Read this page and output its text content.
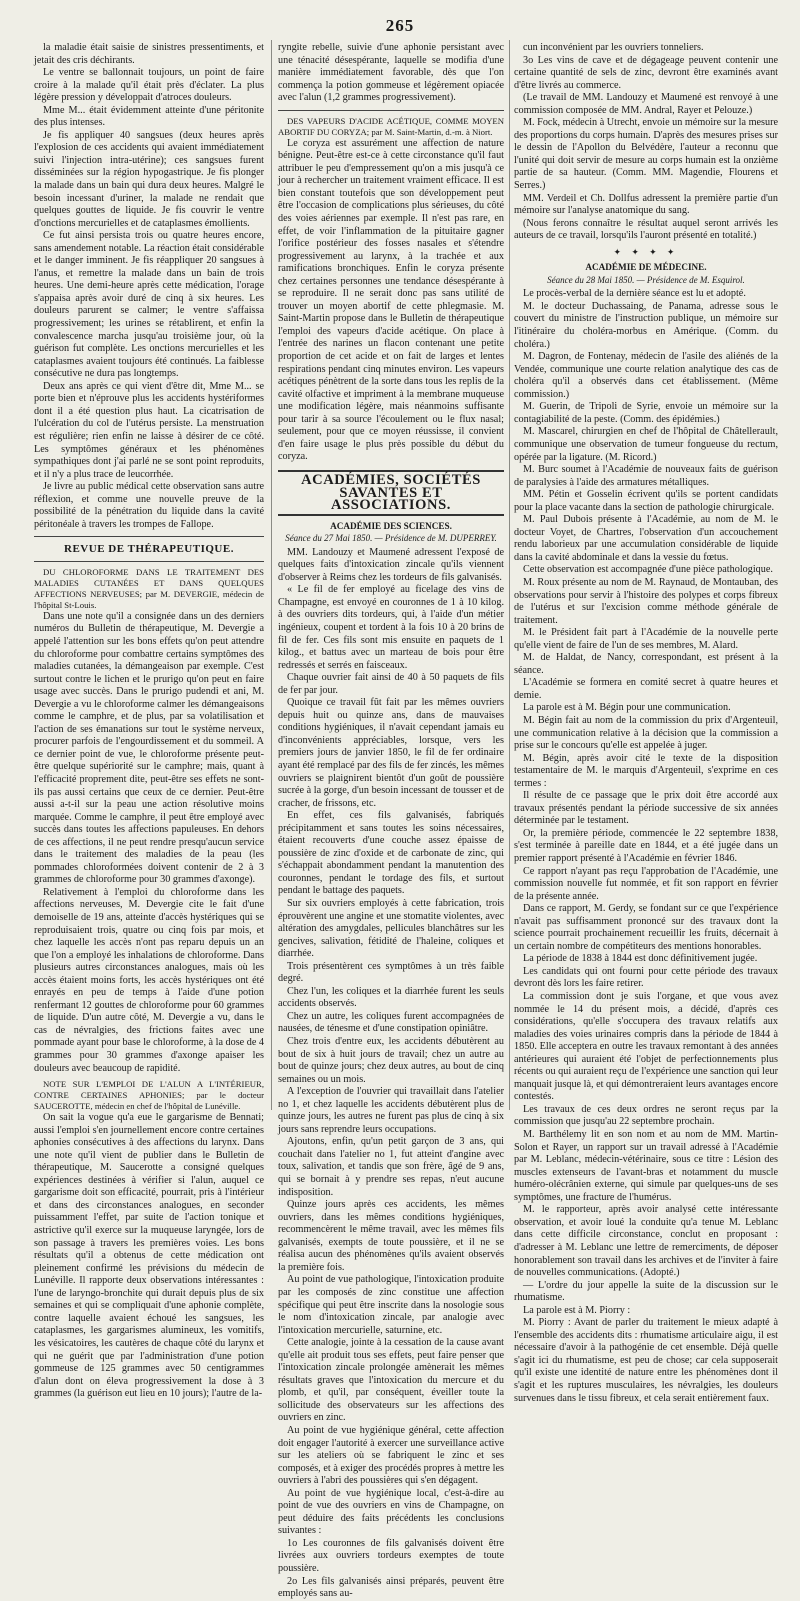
265

la maladie était saisie de sinistres pressentiments, et jetait des cris déchirants.

Le ventre se ballonnait toujours, un point de faire croire à la malade qu'il était près d'éclater. La plus légère pression y développait d'atroces douleurs.

Mme M... était évidemment atteinte d'une péritonite des plus intenses.

Je fis appliquer 40 sangsues (deux heures après l'explosion de ces accidents qui avaient immédiatement suivi l'injection intra-utérine); ces sangsues furent disséminées sur la région hypogastrique. Je fis plonger la malade dans un bain qui dura deux heures. Malgré le besoin incessant d'uriner, la malade ne rendait que quelques gouttes de liquide. Je fis couvrir le ventre d'onctions mercurielles et de cataplasmes émollients.

Ce fut ainsi persista trois ou quatre heures encore, sans amendement notable. La réaction était considérable et le danger imminent. Je fis réappliquer 20 sangsues à l'anus, et remettre la malade dans un bain de trois heures. Une demi-heure après cette médication, l'orage s'appaisa après avoir duré de cinq à six heures. Les douleurs parurent se calmer; le ventre s'affaissa progressivement; les urines se rétablirent, et enfin la convalescence marcha jusqu'au troisième jour, où la guérison fut complète. Les onctions mercurielles et les cataplasmes avaient toujours été continués. La faiblesse consécutive ne dura pas longtemps.

Deux ans après ce qui vient d'être dit, Mme M... se porte bien et n'éprouve plus les accidents hystériformes dont il a été question plus haut. La cicatrisation de l'ulcération du col de l'utérus persiste. La menstruation est régulière; rien enfin ne laisse à désirer de ce côté. Les symptômes généraux et les phénomènes sympathiques dont j'ai parlé ne se sont point reproduits, et il n'y a plus trace de leucorrhée.

Je livre au public médical cette observation sans autre réflexion, et comme une nouvelle preuve de la possibilité de la pénétration du liquide dans la cavité péritonéale à travers les trompes de Fallope.

REVUE DE THÉRAPEUTIQUE.

DU CHLOROFORME DANS LE TRAITEMENT DES MALADIES CUTANÉES ET DANS QUELQUES AFFECTIONS NERVEUSES; par M. DEVERGIE, médecin de l'hôpital St-Louis.

Dans une note qu'il a consignée dans un des derniers numéros du Bulletin de thérapeutique, M. Devergie a appelé l'attention sur les bons effets qu'on peut attendre du chloroforme pour combattre certains symptômes des maladies cutanées, la démangeaison par exemple. C'est surtout contre le lichen et le prurigo qu'on peut en faire usage avec succès. Dans le prurigo pudendi et ani, M. Devergie a vu le chloroforme calmer les démangeaisons comme le camphre, et de plus, par sa volatilisation et l'action de ses émanations sur tout le système nerveux, procurer parfois de l'engourdissement et du sommeil. A ce dernier point de vue, le chloroforme présente peut-être quelque supériorité sur le camphre; mais, quant à l'efficacité proprement dite, peut-être ses effets ne sont-ils pas aussi certains que ceux de ce dernier. Peut-être aussi a-t-il sur la peau une action résolutive moins marquée. Comme le camphre, il peut être employé avec succès dans toutes les affections papuleuses. En dehors de ces affections, il ne peut rendre presqu'aucun service dans le traitement des maladies de la peau (les pommades chloroformées doivent contenir de 2 à 3 grammes de chloroforme pour 30 grammes d'axonge).

Relativement à l'emploi du chloroforme dans les affections nerveuses, M. Devergie cite le fait d'une demoiselle de 19 ans, atteinte d'accès hystériques qui se reproduisaient trois, quatre ou cinq fois par mois, et chez laquelle les accès n'ont pas reparu depuis un an que l'on a employé les inhalations de chloroforme. Dans plusieurs autres circonstances analogues, mais où les accès étaient moins forts, les accès hystériques ont été enrayés en peu de temps à l'aide d'une potion renfermant 12 gouttes de chloroforme pour 60 grammes de liquide. D'un autre côté, M. Devergie a vu, dans le cas de névralgies, des frictions faites avec une pommade ayant pour base le chloroforme, à la dose de 4 grammes pour 30 grammes d'axonge apaiser les douleurs avec beaucoup de rapidité.

NOTE SUR L'EMPLOI DE L'ALUN A L'INTÉRIEUR, CONTRE CERTAINES APHONIES; par le docteur SAUCEROTTE, médecin en chef de l'hôpital de Lunéville.

On sait la vogue qu'a eue le gargarisme de Bennati; aussi l'emploi s'en journellement encore contre certaines aphonies consécutives à des affections du larynx. Dans une note qu'il vient de publier dans le Bulletin de thérapeutique, M. Saucerotte a consigné quelques expériences destinées à vérifier si l'alun, auquel ce gargarisme doit son efficacité, pourrait, pris à l'intérieur et dans des circonstances analogues, en seconder puissamment l'effet, par suite de l'action tonique et astrictive qu'il exerce sur la muqueuse laryngée, lors de son passage à travers les premières voies. Les bons résultats qu'il a obtenus de cette médication ont pleinement confirmé les prévisions du médecin de Lunéville. Il rapporte deux observations intéressantes : l'une de laryngo-bronchite qui durait depuis plus de six semaines et qui se compliquait d'une aphonie complète, contre laquelle avaient échoué les sangsues, les cataplasmes, les gargarismes alumineux, les vomitifs, les vésicatoires, les cautères de chaque côté du larynx et qui ne guérit que par l'administration d'une potion gommeuse de 125 grammes avec 50 centigrammes d'alun dont on éleva progressivement la dose à 3 grammes (la guérison eut lieu en 10 jours); l'autre de la-

ryngite rebelle, suivie d'une aphonie persistant avec une ténacité désespérante, laquelle se modifia d'une manière immédiatement favorable, dès que l'on commença la potion gommeuse et légèrement opiacée avec l'alun (1,2 grammes progressivement).

DES VAPEURS D'ACIDE ACÉTIQUE, COMME MOYEN ABORTIF DU CORYZA; par M. Saint-Martin, d.-m. à Niort.

Le coryza est assurément une affection de nature bénigne. Peut-être est-ce à cette circonstance qu'il faut attribuer le peu d'empressement qu'on a mis jusqu'à ce jour à rechercher un traitement vraiment efficace. Il est bien constant toutefois que son développement peut être l'occasion de complications plus sérieuses, du côté des voies aériennes par exemple. Il n'est pas rare, en effet, de voir l'inflammation de la pituitaire gagner l'orifice postérieur des fosses nasales et s'étendre progressivement au larynx, à la trachée et aux ramifications bronchiques. Enfin le coryza présente chez certaines personnes une tendance désespérante à se reproduire. Il ne serait donc pas sans utilité de trouver un moyen abortif de cette phlegmasie. M. Saint-Martin propose dans le Bulletin de thérapeutique l'emploi des vapeurs d'acide acétique. On place à l'entrée des narines un flacon contenant une petite proportion de cet acide et on fait de larges et lentes respirations pendant cinq minutes environ. Les vapeurs acétiques pénètrent de la sorte dans tous les replis de la cavité olfactive et impriment à la membrane muqueuse une modification légère, mais néanmoins suffisante pour tarir à sa source l'écoulement ou le flux nasal; seulement, pour que ce moyen réussisse, il convient d'en faire usage le plus près possible du début du coryza.

ACADÉMIES, SOCIÉTÉS SAVANTES ET ASSOCIATIONS.
ACADÉMIE DES SCIENCES.
Séance du 27 Mai 1850. — Présidence de M. DUPERREY.

MM. Landouzy et Maumené adressent l'exposé de quelques faits d'intoxication zincale qu'ils viennent d'observer à Reims chez les tordeurs de fils galvanisés.

« Le fil de fer employé au ficelage des vins de Champagne, est envoyé en couronnes de 1 à 10 kilog. à des ouvriers dits tordeurs, qui, à l'aide d'un métier ingénieux, coupent et tordent à la fois 10 à 20 brins de fil de fer. Ces fils sont mis ensuite en paquets de 1 kilog., et battus avec un marteau de bois pour être redressés et serrés en faisceaux.

Chaque ouvrier fait ainsi de 40 à 50 paquets de fils de fer par jour.

Quoique ce travail fût fait par les mêmes ouvriers depuis huit ou quinze ans, dans de mauvaises conditions hygiéniques, il n'avait cependant jamais eu d'inconvénients appréciables, lorsque, vers les premiers jours de janvier 1850, le fil de fer ordinaire ayant été remplacé par des fils de fer zincés, les mêmes ouvriers se plaignirent bientôt d'un goût de poussière sucrée à la gorge, d'un besoin incessant de tousser et de cracher, de frissons, etc.

En effet, ces fils galvanisés, fabriqués précipitamment et sans toutes les soins nécessaires, étaient recouverts d'une couche assez épaisse de poussière de zinc d'oxide et de carbonate de zinc, qui s'échappait abondamment pendant la manutention des couronnes, pendant le tordage des fils, et surtout pendant le battage des paquets.

Sur six ouvriers employés à cette fabrication, trois éprouvèrent une angine et une stomatite violentes, avec altération des amygdales, pellicules blanchâtres sur les gencives, salivation, fétidité de l'haleine, coliques et diarrhée.

Trois présentèrent ces symptômes à un très faible degré.

Chez l'un, les coliques et la diarrhée furent les seuls accidents observés.

Chez un autre, les coliques furent accompagnées de nausées, de ténesme et d'une constipation opiniâtre.

Chez trois d'entre eux, les accidents débutèrent au bout de six à huit jours de travail; chez un autre au bout de quinze jours; chez deux autres, au bout de cinq semaines ou un mois.

A l'exception de l'ouvrier qui travaillait dans l'atelier no 1, et chez laquelle les accidents débutèrent plus de quinze jours, les autres ne furent pas plus de cinq à six jours sans reprendre leurs occupations.

Ajoutons, enfin, qu'un petit garçon de 3 ans, qui couchait dans l'atelier no 1, fut atteint d'angine avec toux, salivation, et tandis que son frère, âgé de 9 ans, qui se bornait à y prendre ses repas, n'eut aucune indisposition.

Quinze jours après ces accidents, les mêmes ouvriers, dans les mêmes conditions hygiéniques, recommencèrent le même travail, avec les mêmes fils galvanisés, exempts de toute poussière, et il ne se réalisa aucun des phénomènes qu'ils avaient observés la première fois.

Au point de vue pathologique, l'intoxication produite par les composés de zinc constitue une affection spécifique qui peut être inscrite dans la nosologie sous le nom d'intoxication zincale, par analogie avec l'intoxication mercurielle, saturnine, etc.

Cette analogie, jointe à la cessation de la cause avant qu'elle ait produit tous ses effets, peut faire penser que l'intoxication zincale prolongée amènerait les mêmes résultats graves que l'intoxication du mercure et du plomb, et qu'il, par conséquent, éveiller toute la sollicitude des observateurs sur les affections des ouvriers en zinc.

Au point de vue hygiénique général, cette affection doit engager l'autorité à exercer une surveillance active sur les ateliers où se fabriquent le zinc et ses composés, et à exiger des procédés propres à mettre les ouvriers à l'abri des poussières qui s'en dégagent.

Au point de vue hygiénique local, c'est-à-dire au point de vue des ouvriers en vins de Champagne, on peut déduire des faits précédents les conclusions suivantes :

1o Les couronnes de fils galvanisés doivent être livrées aux ouvriers tordeurs exemptes de toute poussière.

2o Les fils galvanisés ainsi préparés, peuvent être employés sans au-

cun inconvénient par les ouvriers tonneliers.

3o Les vins de cave et de dégageage peuvent contenir une certaine quantité de sels de zinc, devront être examinés avant d'être livrés au commerce.

(Le travail de MM. Landouzy et Maumené est renvoyé à une commission composée de MM. Andral, Rayer et Pelouze.)

M. Fock, médecin à Utrecht, envoie un mémoire sur la mesure des proportions du corps humain. D'après des mesures prises sur le dessin de l'Apollon du Belvédère, l'auteur a reconnu que l'unité qui doit servir de mesure au corps humain est la onzième partie de sa hauteur. (Comm. MM. Magendie, Flourens et Serres.)

MM. Verdeil et Ch. Dollfus adressent la première partie d'un mémoire sur l'analyse anatomique du sang.

(Nous ferons connaître le résultat auquel seront arrivés les auteurs de ce travail, lorsqu'ils l'auront présenté en totalité.)

✦ ✦ ✦ ✦
ACADÉMIE DE MÉDECINE.
Séance du 28 Mai 1850. — Présidence de M. Esquirol.

Le procès-verbal de la dernière séance est lu et adopté.

M. le docteur Duchassaing, de Panama, adresse sous le couvert du ministre de l'instruction publique, un mémoire sur l'itinéraire du choléra-morbus en Amérique. (Comm. du choléra.)

M. Dagron, de Fontenay, médecin de l'asile des aliénés de la Vendée, communique une courte relation analytique des cas de choléra qu'il a observés dans cet établissement. (Même commission.)

M. Guerin, de Tripoli de Syrie, envoie un mémoire sur la contagiabilité de la peste. (Comm. des épidémies.)

M. Mascarel, chirurgien en chef de l'hôpital de Châtellerault, communique une observation de tumeur fongueuse du rectum, opérée par la ligature. (M. Ricord.)

M. Burc soumet à l'Académie de nouveaux faits de guérison de paralysies à l'aide des armatures métalliques.

MM. Pétin et Gosselin écrivent qu'ils se portent candidats pour la place vacante dans la section de pathologie chirurgicale.

M. Paul Dubois présente à l'Académie, au nom de M. le docteur Voyet, de Chartres, l'observation d'un accouchement rendu laborieux par une accumulation considérable de liquide dans la cavité abdominale et dans la vessie du fœtus.

Cette observation est accompagnée d'une pièce pathologique.

M. Roux présente au nom de M. Raynaud, de Montauban, des observations pour servir à l'histoire des polypes et corps fibreux de l'utérus et sur l'excision comme méthode générale de traitement.

M. le Président fait part à l'Académie de la nouvelle perte qu'elle vient de faire de l'un de ses membres, M. Alard.

M. de Haldat, de Nancy, correspondant, est présent à la séance.

L'Académie se formera en comité secret à quatre heures et demie.

La parole est à M. Bégin pour une communication.

M. Bégin fait au nom de la commission du prix d'Argenteuil, une communication relative à la décision que la commission a prise sur le concours qu'elle est appelée à juger.

M. Bégin, après avoir cité le texte de la disposition testamentaire de M. le marquis d'Argenteuil, s'exprime en ces termes :

Il résulte de ce passage que le prix doit être accordé aux travaux présentés pendant la période successive de six années déterminée par le testament.

Or, la première période, commencée le 22 septembre 1838, s'est terminée à pareille date en 1844, et a été jugée dans un premier rapport présenté à l'Académie en février 1846.

Ce rapport n'ayant pas reçu l'approbation de l'Académie, une commission nouvelle fut nommée, et fit son rapport en février de la présente année.

Dans ce rapport, M. Gerdy, se fondant sur ce que l'expérience n'avait pas suffisamment prononcé sur des travaux dont la science pourrait prochainement recueillir les fruits, décernait à un certain nombre de compétiteurs des mentions honorables.

La période de 1838 à 1844 est donc définitivement jugée.

Les candidats qui ont fourni pour cette période des travaux devront dès lors les faire retirer.

La commission dont je suis l'organe, et que vous avez nommée le 14 du présent mois, a décidé, d'après ces considérations, qu'elle s'occupera des travaux relatifs aux maladies des voies urinaires compris dans la période de 1844 à 1850. Elle acceptera en outre les travaux remontant à des années antérieures qui auraient été l'objet de perfectionnements plus récents ou qui auraient reçu de l'expérience une sanction qui leur manquait jusque là, et qui démontreraient leurs avantages encore contestés.

Les travaux de ces deux ordres ne seront reçus par la commission que jusqu'au 22 septembre prochain.

M. Barthélemy lit en son nom et au nom de MM. Martin-Solon et Rayer, un rapport sur un travail adressé à l'Académie par M. Leblanc, médecin-vétérinaire, sous ce titre : Lésion des muscles extenseurs de l'avant-bras et notamment du muscle huméro-olécrânien externe, qui simule par quelques-uns de ses symptômes, une fracture de l'humérus.

M. le rapporteur, après avoir analysé cette intéressante observation, et avoir loué la conduite qu'a tenue M. Leblanc dans cette difficile circonstance, conclut en proposant : d'adresser à M. Leblanc une lettre de remerciments, de déposer honorablement son travail dans les archives et de l'inviter à faire de nouvelles communications. (Adopté.)

— L'ordre du jour appelle la suite de la discussion sur le rhumatisme.

La parole est à M. Piorry :

M. Piorry : Avant de parler du traitement le mieux adapté à l'ensemble des accidents dits : rhumatisme articulaire aigu, il est nécessaire d'avoir à la pathogénie de cet ensemble. Déjà quelle s'agit ici du rhumatisme, est peu de chose; car cela supposerait qu'il existe une identité de nature entre les phénomènes dont il s'agit et les ruptures musculaires, les névralgies, les douleurs survenues dans le tissu fibreux, et cela serait entièrement faux.
